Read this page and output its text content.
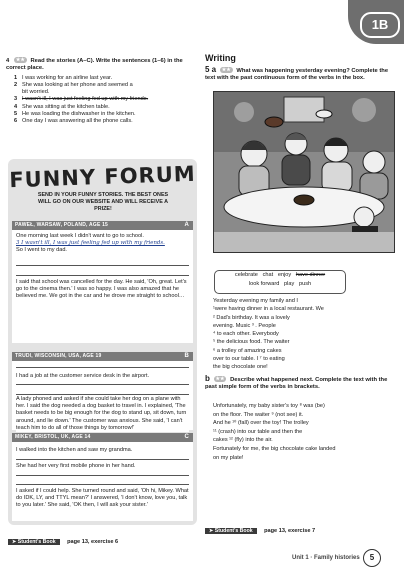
1B
4 ★★ Read the stories (A–C). Write the sentences (1–6) in the correct place.
1 I was working for an airline last year.
2 She was looking at her phone and seemed a
bit worried.
3 I wasn't ill, I was just feeling fed up with my friends.
4 She was sitting at the kitchen table.
5 He was loading the dishwasher in the kitchen.
6 One day I was answering all the phone calls.
FUNNY FORUM
SEND IN YOUR FUNNY STORIES. THE BEST ONES WILL GO ON OUR WEBSITE AND WILL RECEIVE A PRIZE!
PAWEŁ, WARSAW, POLAND, AGE 15	A
One morning last week I didn't want to go to school.
3 I wasn't ill, I was just feeling fed up with my friends.
So I went to my dad.
I said that school was cancelled for the day. He said, 'Oh, great. Let's go to the cinema then.' I was so happy. I was also amazed that he believed me. We got in the car and he drove me straight to school…
TRUDI, WISCONSIN, USA, AGE 19	B
I had a job at the customer service desk in the airport.
A lady phoned and asked if she could take her dog on a plane with her. I said the dog needed a dog basket to travel in. I explained, 'The basket needs to be big enough for the dog to stand up, sit down, turn around, and lie down.' The customer was anxious. She said, 'I can't teach him to do all of those things by tomorrow!'
MIKEY, BRISTOL, UK, AGE 14	C
I walked into the kitchen and saw my grandma.
She had her very first mobile phone in her hand.
I asked if I could help. She turned round and said, 'Oh hi, Mikey. What do IDK, LY, and TTYL mean?' I answered, 'I don't know, love you, talk to you later.' She said, 'OK then, I will ask your sister.'
➤ Student's Book page 13, exercise 6
Writing
5 a ★★ What was happening yesterday evening? Complete the text with the past continuous form of the verbs in the box.
celebrate chat enjoy have dinner
look forward play push
Yesterday evening my family and I
¹were having dinner in a local restaurant. We
² Dad's birthday. It was a lovely
evening. Music ³ . People
⁴ to each other. Everybody
⁵ the delicious food. The waiter
⁶ a trolley of amazing cakes
over to our table. I ⁷ to eating
the big chocolate one!
b ★★ Describe what happened next. Complete the text with the past simple form of the verbs in brackets.
Unfortunately, my baby sister's toy ⁸ was (be)
on the floor. The waiter ⁹ (not see) it.
And he ¹⁰ (fall) over the toy! The trolley
¹¹ (crash) into our table and then the
cakes ¹² (fly) into the air.
Fortunately for me, the big chocolate cake landed
on my plate!
➤ Student's Book page 13, exercise 7
Unit 1 · Family histories	5
